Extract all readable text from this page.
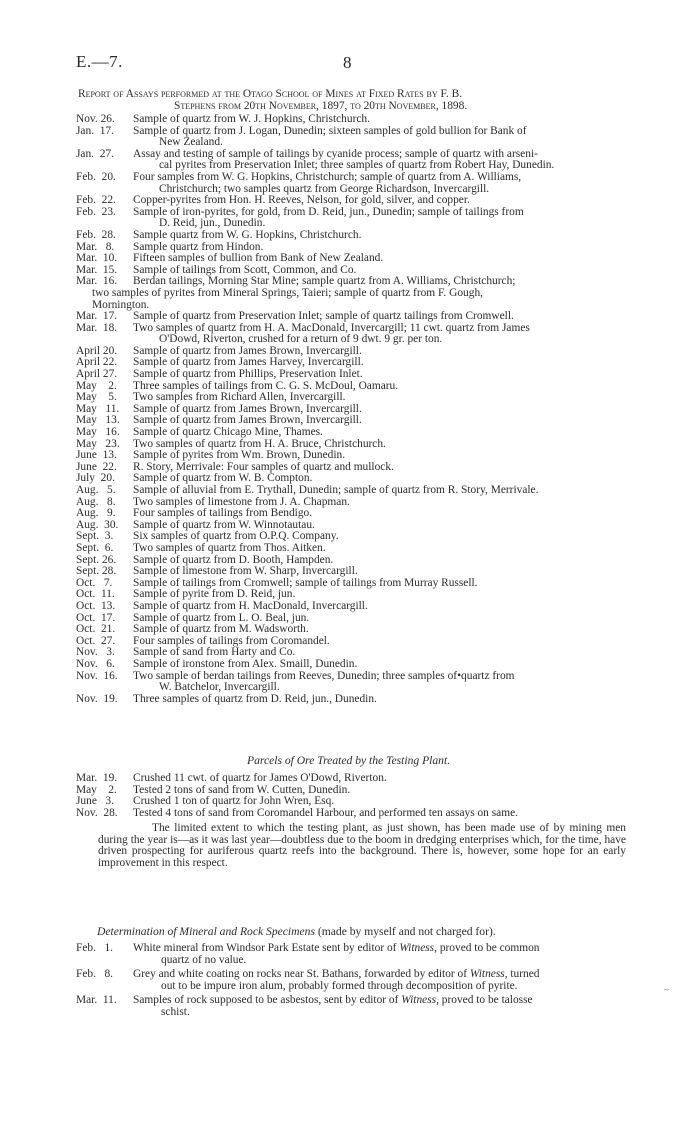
E.—7.	8
Report of Assays performed at the Otago School of Mines at Fixed Rates by F. B.
Stephens from 20th November, 1897, to 20th November, 1898.
Nov. 26.	Sample of quartz from W. J. Hopkins, Christchurch.
Jan.  17.	Sample of quartz from J. Logan, Dunedin; sixteen samples of gold bullion for Bank of
New Zealand.
Jan.  27.	Assay and testing of sample of tailings by cyanide process; sample of quartz with arseni-
cal pyrites from Preservation Inlet; three samples of quartz from Robert Hay, Dunedin.
Feb.  20.	Four samples from W. G. Hopkins, Christchurch; sample of quartz from A. Williams,
Christchurch; two samples quartz from George Richardson, Invercargill.
Feb.  22.	Copper-pyrites from Hon. H. Reeves, Nelson, for gold, silver, and copper.
Feb.  23.	Sample of iron-pyrites, for gold, from D. Reid, jun., Dunedin; sample of tailings from
D. Reid, jun., Dunedin.
Feb.  28.	Sample quartz from W. G. Hopkins, Christchurch.
Mar.   8.	Sample quartz from Hindon.
Mar.  10.	Fifteen samples of bullion from Bank of New Zealand.
Mar.  15.	Sample of tailings from Scott, Common, and Co.
Mar.  16.	Berdan tailings, Morning Star Mine; sample quartz from A. Williams, Christchurch;
two samples of pyrites from Mineral Springs, Taieri; sample of quartz from F. Gough,
Mornington.
Mar.  17.	Sample of quartz from Preservation Inlet; sample of quartz tailings from Cromwell.
Mar.  18.	Two samples of quartz from H. A. MacDonald, Invercargill; 11 cwt. quartz from James
O'Dowd, Riverton, crushed for a return of 9 dwt. 9 gr. per ton.
April 20.	Sample of quartz from James Brown, Invercargill.
April 22.	Sample of quartz from James Harvey, Invercargill.
April 27.	Sample of quartz from Phillips, Preservation Inlet.
May    2.	Three samples of tailings from C. G. S. McDoul, Oamaru.
May    5.	Two samples from Richard Allen, Invercargill.
May   11.	Sample of quartz from James Brown, Invercargill.
May   13.	Sample of quartz from James Brown, Invercargill.
May   16.	Sample of quartz Chicago Mine, Thames.
May   23.	Two samples of quartz from H. A. Bruce, Christchurch.
June  13.	Sample of pyrites from Wm. Brown, Dunedin.
June  22.	R. Story, Merrivale: Four samples of quartz and mullock.
July  20.	Sample of quartz from W. B. Compton.
Aug.   5.	Sample of alluvial from E. Trythall, Dunedin; sample of quartz from R. Story, Merrivale.
Aug.   8.	Two samples of limestone from J. A. Chapman.
Aug.   9.	Four samples of tailings from Bendigo.
Aug.  30.	Sample of quartz from W. Winnotautau.
Sept.  3.	Six samples of quartz from O.P.Q. Company.
Sept.  6.	Two samples of quartz from Thos. Aitken.
Sept. 26.	Sample of quartz from D. Booth, Hampden.
Sept. 28.	Sample of limestone from W. Sharp, Invercargill.
Oct.   7.	Sample of tailings from Cromwell; sample of tailings from Murray Russell.
Oct.  11.	Sample of pyrite from D. Reid, jun.
Oct.  13.	Sample of quartz from H. MacDonald, Invercargill.
Oct.  17.	Sample of quartz from L. O. Beal, jun.
Oct.  21.	Sample of quartz from M. Wadsworth.
Oct.  27.	Four samples of tailings from Coromandel.
Nov.   3.	Sample of sand from Harty and Co.
Nov.   6.	Sample of ironstone from Alex. Smaill, Dunedin.
Nov.  16.	Two sample of berdan tailings from Reeves, Dunedin; three samples of•quartz from
W. Batchelor, Invercargill.
Nov.  19.	Three samples of quartz from D. Reid, jun., Dunedin.
Parcels of Ore Treated by the Testing Plant.
Mar.  19.	Crushed 11 cwt. of quartz for James O'Dowd, Riverton.
May    2.	Tested 2 tons of sand from W. Cutten, Dunedin.
June   3.	Crushed 1 ton of quartz for John Wren, Esq.
Nov.  28.	Tested 4 tons of sand from Coromandel Harbour, and performed ten assays on same.
The limited extent to which the testing plant, as just shown, has been made use of by mining men during the year is—as it was last year—doubtless due to the boom in dredging enterprises which, for the time, have driven prospecting for auriferous quartz reefs into the background. There is, however, some hope for an early improvement in this respect.
Determination of Mineral and Rock Specimens (made by myself and not charged for).
Feb.   1.	White mineral from Windsor Park Estate sent by editor of Witness, proved to be common
quartz of no value.
Feb.   8.	Grey and white coating on rocks near St. Bathans, forwarded by editor of Witness, turned
out to be impure iron alum, probably formed through decomposition of pyrite.
Mar.  11.	Samples of rock supposed to be asbestos, sent by editor of Witness, proved to be talosse
schist.
~
